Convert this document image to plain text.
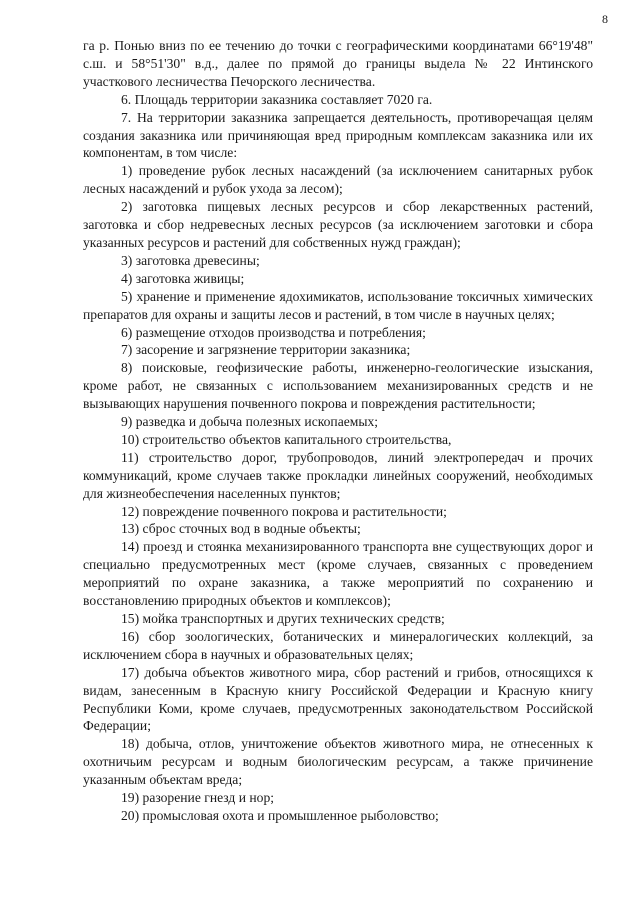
8

га р. Понью вниз по ее течению до точки с географическими координатами 66°19'48" с.ш. и 58°51'30" в.д., далее по прямой до границы выдела № 22 Интинского участкового лесничества Печорского лесничества.

6. Площадь территории заказника составляет 7020 га.

7. На территории заказника запрещается деятельность, противоречащая целям создания заказника или причиняющая вред природным комплексам заказника или их компонентам, в том числе:

1) проведение рубок лесных насаждений (за исключением санитарных рубок лесных насаждений и рубок ухода за лесом);

2) заготовка пищевых лесных ресурсов и сбор лекарственных растений, заготовка и сбор недревесных лесных ресурсов (за исключением заготовки и сбора указанных ресурсов и растений для собственных нужд граждан);

3) заготовка древесины;

4) заготовка живицы;

5) хранение и применение ядохимикатов, использование токсичных химических препаратов для охраны и защиты лесов и растений, в том числе в научных целях;

6) размещение отходов производства и потребления;

7) засорение и загрязнение территории заказника;

8) поисковые, геофизические работы, инженерно-геологические изыскания, кроме работ, не связанных с использованием механизированных средств и не вызывающих нарушения почвенного покрова и повреждения растительности;

9) разведка и добыча полезных ископаемых;

10) строительство объектов капитального строительства,

11) строительство дорог, трубопроводов, линий электропередач и прочих коммуникаций, кроме случаев также прокладки линейных сооружений, необходимых для жизнеобеспечения населенных пунктов;

12) повреждение почвенного покрова и растительности;

13) сброс сточных вод в водные объекты;

14) проезд и стоянка механизированного транспорта вне существующих дорог и специально предусмотренных мест (кроме случаев, связанных с проведением мероприятий по охране заказника, а также мероприятий по сохранению и восстановлению природных объектов и комплексов);

15) мойка транспортных и других технических средств;

16) сбор зоологических, ботанических и минералогических коллекций, за исключением сбора в научных и образовательных целях;

17) добыча объектов животного мира, сбор растений и грибов, относящихся к видам, занесенным в Красную книгу Российской Федерации и Красную книгу Республики Коми, кроме случаев, предусмотренных законодательством Российской Федерации;

18) добыча, отлов, уничтожение объектов животного мира, не отнесенных к охотничьим ресурсам и водным биологическим ресурсам, а также причинение указанным объектам вреда;

19) разорение гнезд и нор;

20) промысловая охота и промышленное рыболовство;
